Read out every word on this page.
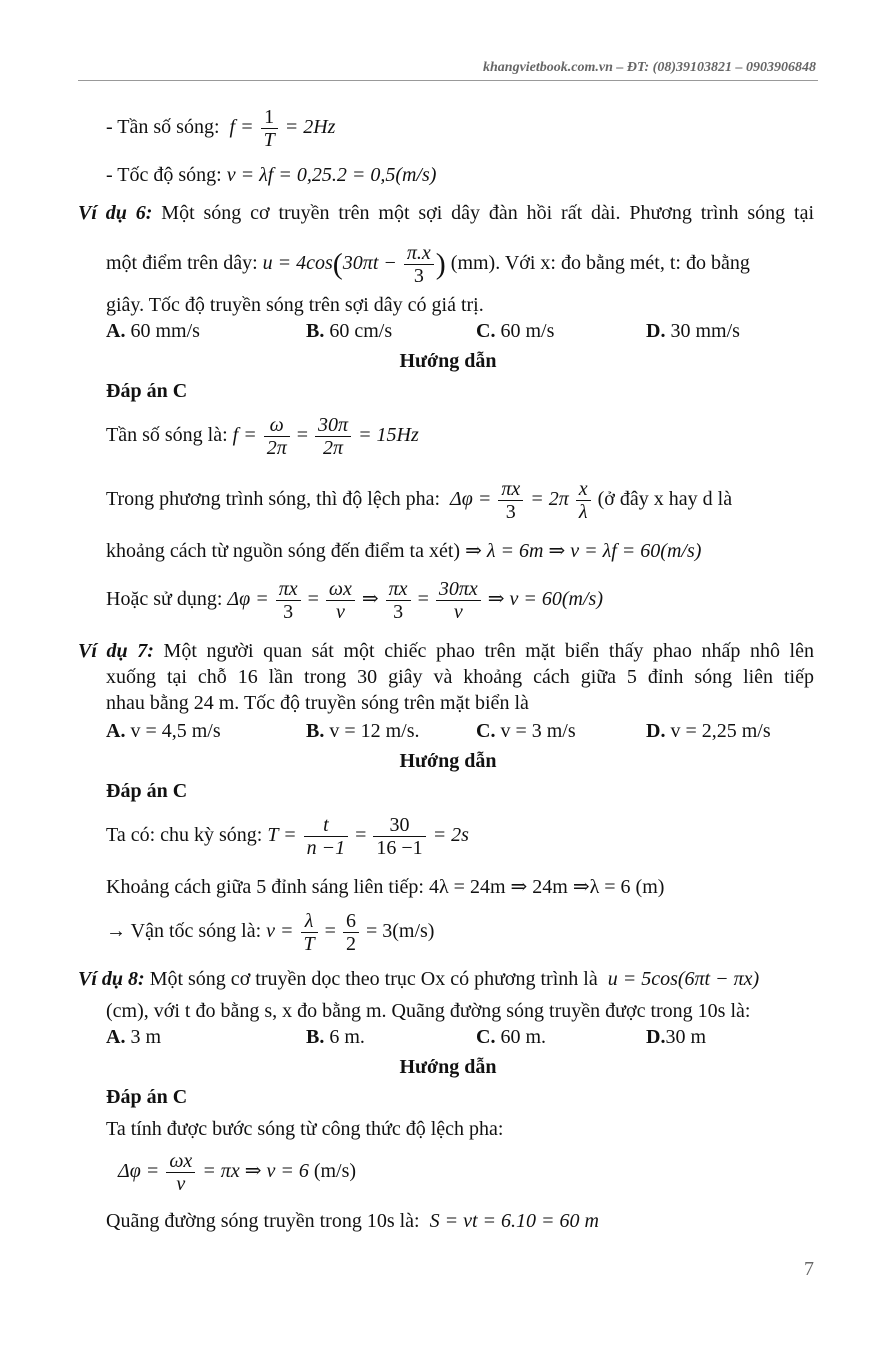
khangvietbook.com.vn – ĐT: (08)39103821 – 0903906848
- Tần số sóng:  $f = \frac{1}{T} = 2Hz$
- Tốc độ sóng: v = λf = 0,25.2 = 0,5(m/s)
Ví dụ 6: Một sóng cơ truyền trên một sợi dây đàn hồi rất dài. Phương trình sóng tại
một điểm trên dây: $u = 4\cos(30\pi t - \frac{\pi.x}{3}$ ) (mm). Với x: đo bằng mét, t: đo bằng
giây. Tốc độ truyền sóng trên sợi dây có giá trị.
A. 60 mm/s	B. 60 cm/s	C. 60 m/s	D. 30 mm/s
Hướng dẫn
Đáp án C
Tần số sóng là: $f = \frac{\omega}{2\pi} = \frac{30\pi}{2\pi} = 15Hz$
Trong phương trình sóng, thì độ lệch pha:  $\Delta\varphi = \frac{\pi x}{3} = 2\pi \frac{x}{\lambda}$ (ở đây x hay d là
khoảng cách từ nguồn sóng đến điểm ta xét) ⇒ λ = 6m ⇒ v = λf = 60(m/s)
Hoặc sử dụng: $\Delta\varphi = \frac{\pi x}{3} = \frac{\omega x}{v}$ ⇒ $\frac{\pi x}{3} = \frac{30\pi x}{v}$ ⇒ v = 60(m/s)
Ví dụ 7: Một người quan sát một chiếc phao trên mặt biển thấy phao nhấp nhô lên
xuống tại chỗ 16 lần trong 30 giây và khoảng cách giữa 5 đỉnh sóng liên tiếp
nhau bằng 24 m. Tốc độ truyền sóng trên mặt biển là
A. v = 4,5 m/s	B. v = 12 m/s.	C. v = 3 m/s	D. v = 2,25 m/s
Hướng dẫn
Đáp án C
Ta có: chu kỳ sóng: $T = \frac{t}{n -1} = \frac{30}{16 -1} = 2s$
Khoảng cách giữa 5 đỉnh sáng liên tiếp: 4λ = 24m ⇒ 24m ⇒λ = 6 (m)
→ Vận tốc sóng là: $v = \frac{\lambda}{T} = \frac{6}{2} = 3(m/s)$
Ví dụ 8: Một sóng cơ truyền dọc theo trục Ox có phương trình là u = 5cos(6πt − πx)
(cm), với t đo bằng s, x đo bằng m. Quãng đường sóng truyền được trong 10s là:
A. 3 m	B. 6 m.	C. 60 m.	D.30 m
Hướng dẫn
Đáp án C
Ta tính được bước sóng từ công thức độ lệch pha:
$\Delta\varphi = \frac{\omega x}{v} = \pi x$ ⇒ v = 6 (m/s)
Quãng đường sóng truyền trong 10s là: S = vt = 6.10 = 60 m
7
